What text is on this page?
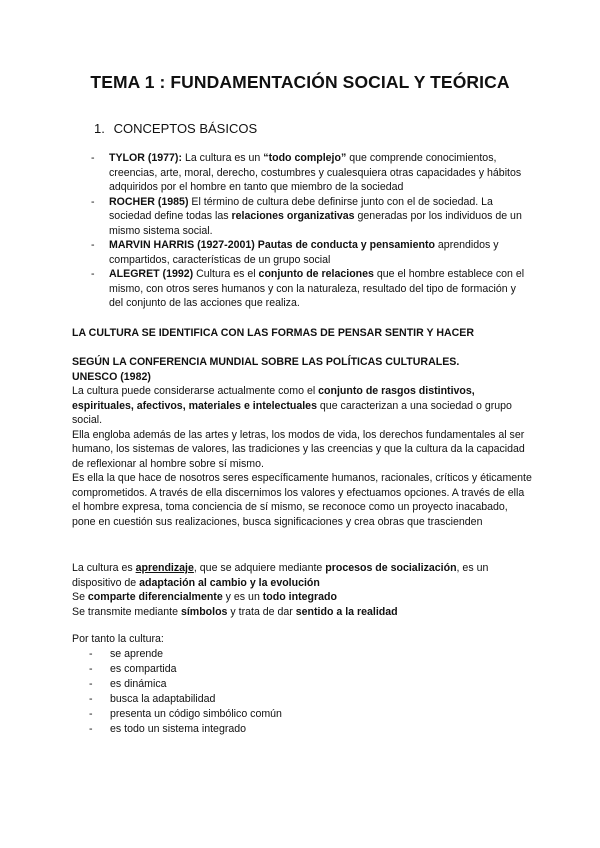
TEMA 1 : FUNDAMENTACIÓN SOCIAL Y TEÓRICA
1. CONCEPTOS BÁSICOS
- TYLOR (1977): La cultura es un “todo complejo” que comprende conocimientos, creencias, arte, moral, derecho, costumbres y cualesquiera otras capacidades y hábitos adquiridos por el hombre en tanto que miembro de la sociedad
- ROCHER (1985) El término de cultura debe definirse junto con el de sociedad. La sociedad define todas las relaciones organizativas generadas por los individuos de un mismo sistema social.
- MARVIN HARRIS (1927-2001) Pautas de conducta y pensamiento aprendidos y compartidos, características de un grupo social
- ALEGRET (1992) Cultura es el conjunto de relaciones que el hombre establece con el mismo, con otros seres humanos y con la naturaleza, resultado del tipo de formación y del conjunto de las acciones que realiza.
LA CULTURA SE IDENTIFICA CON LAS FORMAS DE PENSAR SENTIR Y HACER
SEGÚN LA CONFERENCIA MUNDIAL SOBRE LAS POLÍTICAS CULTURALES. UNESCO (1982)
La cultura puede considerarse actualmente como el conjunto de rasgos distintivos, espirituales, afectivos, materiales e intelectuales que caracterizan a una sociedad o grupo social.
Ella engloba además de las artes y letras, los modos de vida, los derechos fundamentales al ser humano, los sistemas de valores, las tradiciones y las creencias y que la cultura da la capacidad de reflexionar al hombre sobre sí mismo.
Es ella la que hace de nosotros seres específicamente humanos, racionales, críticos y éticamente comprometidos. A través de ella discernimos los valores y efectuamos opciones. A través de ella el hombre expresa, toma conciencia de sí mismo, se reconoce como un proyecto inacabado, pone en cuestión sus realizaciones, busca significaciones y crea obras que trascienden
La cultura es aprendizaje, que se adquiere mediante procesos de socialización, es un dispositivo de adaptación al cambio y la evolución
Se comparte diferencialmente y es un todo integrado
Se transmite mediante símbolos y trata de dar sentido a la realidad
Por tanto la cultura:
- se aprende
- es compartida
- es dinámica
- busca la adaptabilidad
- presenta un código simbólico común
- es todo un sistema integrado
